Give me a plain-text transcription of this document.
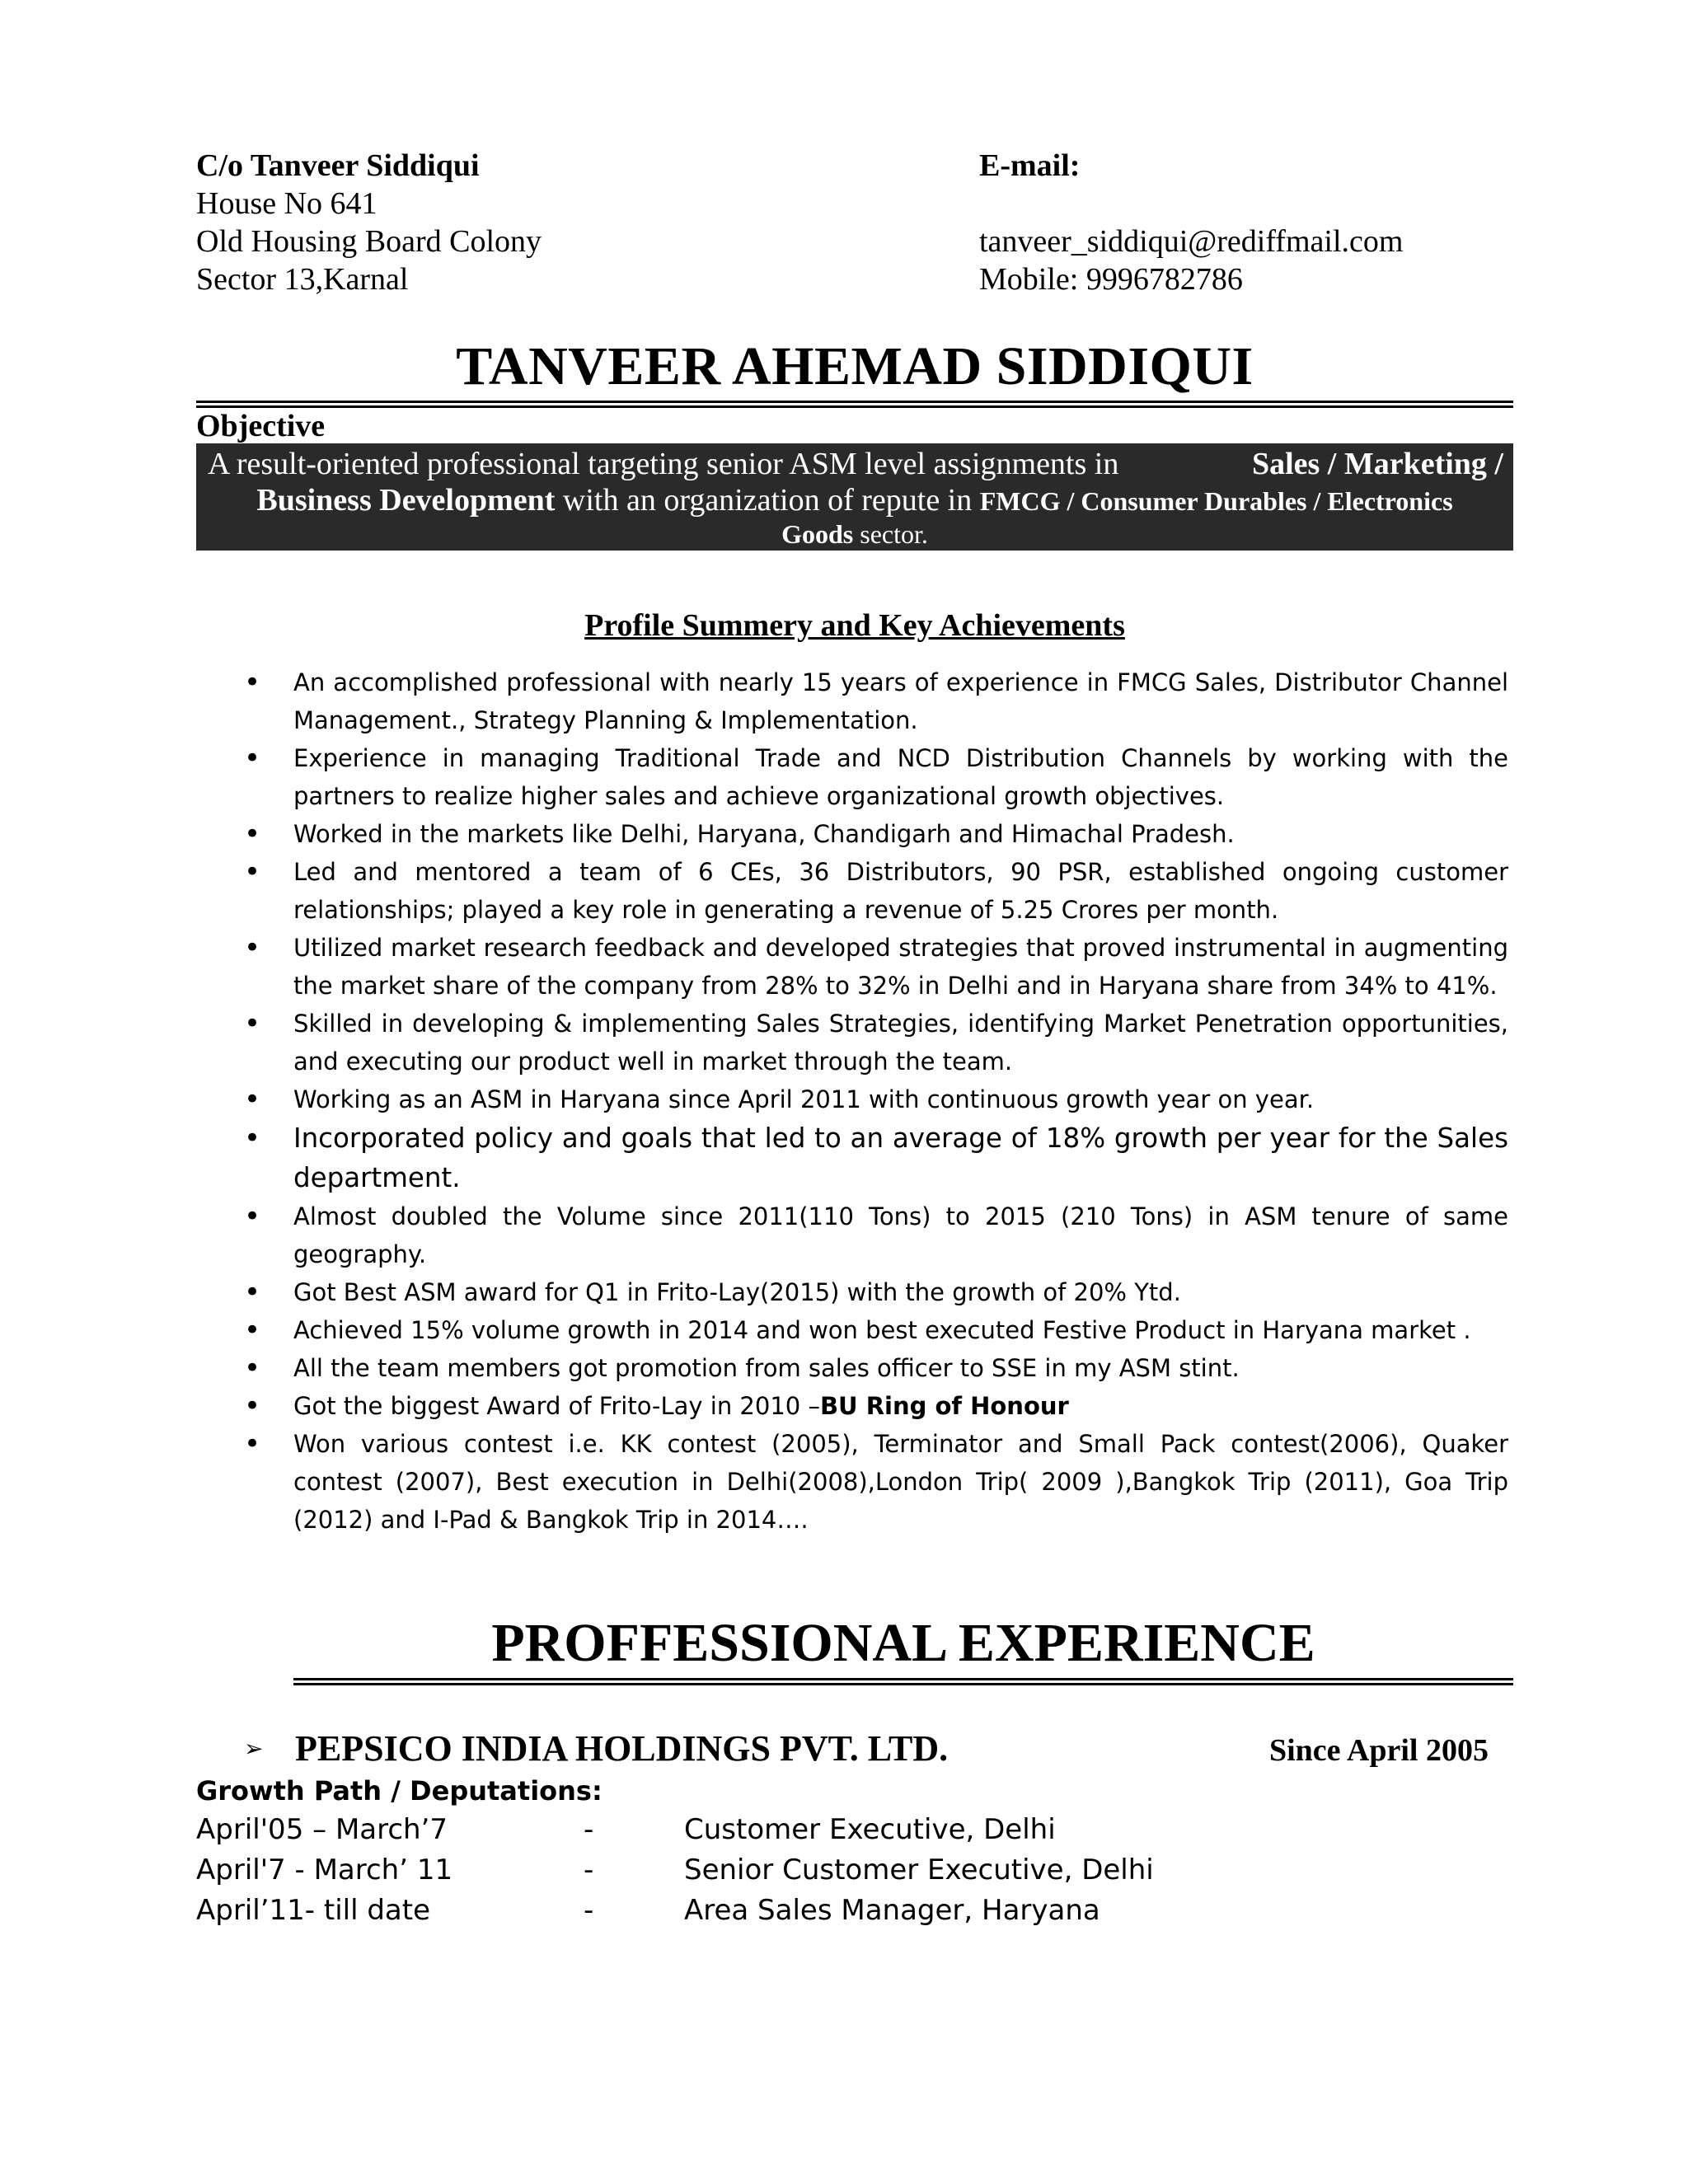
C/o Tanveer Siddiqui
House No 641
Old Housing Board Colony
Sector 13,Karnal
E-mail:

tanveer_siddiqui@rediffmail.com
Mobile: 9996782786
TANVEER AHEMAD SIDDIQUI
Objective
A result-oriented professional targeting senior ASM level assignments in	Sales / Marketing /
Business Development with an organization of repute in FMCG / Consumer Durables / Electronics
Goods sector.
Profile Summery and Key Achievements
• An accomplished professional with nearly 15 years of experience in FMCG Sales, Distributor Channel Management., Strategy Planning & Implementation.
• Experience in managing Traditional Trade and NCD Distribution Channels by working with the partners to realize higher sales and achieve organizational growth objectives.
• Worked in the markets like Delhi, Haryana, Chandigarh and Himachal Pradesh.
• Led and mentored a team of 6 CEs, 36 Distributors, 90 PSR, established ongoing customer relationships; played a key role in generating a revenue of 5.25 Crores per month.
• Utilized market research feedback and developed strategies that proved instrumental in augmenting the market share of the company from 28% to 32% in Delhi and in Haryana share from 34% to 41%.
• Skilled in developing & implementing Sales Strategies, identifying Market Penetration opportunities, and executing our product well in market through the team.
• Working as an ASM in Haryana since April 2011 with continuous growth year on year.
• Incorporated policy and goals that led to an average of 18% growth per year for the Sales department.
• Almost doubled the Volume since 2011(110 Tons) to 2015 (210 Tons) in ASM tenure of same geography.
• Got Best ASM award for Q1 in Frito-Lay(2015) with the growth of 20% Ytd.
• Achieved 15% volume growth in 2014 and won best executed Festive Product in Haryana market .
• All the team members got promotion from sales officer to SSE in my ASM stint.
• Got the biggest Award of Frito-Lay in 2010 –BU Ring of Honour
• Won various contest i.e. KK contest (2005), Terminator and Small Pack contest(2006), Quaker contest (2007), Best execution in Delhi(2008),London Trip( 2009 ),Bangkok Trip (2011), Goa Trip (2012) and I-Pad & Bangkok Trip in 2014….
PROFFESSIONAL EXPERIENCE
➢ PEPSICO INDIA HOLDINGS PVT. LTD.	Since April 2005
Growth Path / Deputations:
April'05 – March’7	-	Customer Executive, Delhi
April'7 - March’ 11	-	Senior Customer Executive, Delhi
April’11- till date	-	Area Sales Manager, Haryana
